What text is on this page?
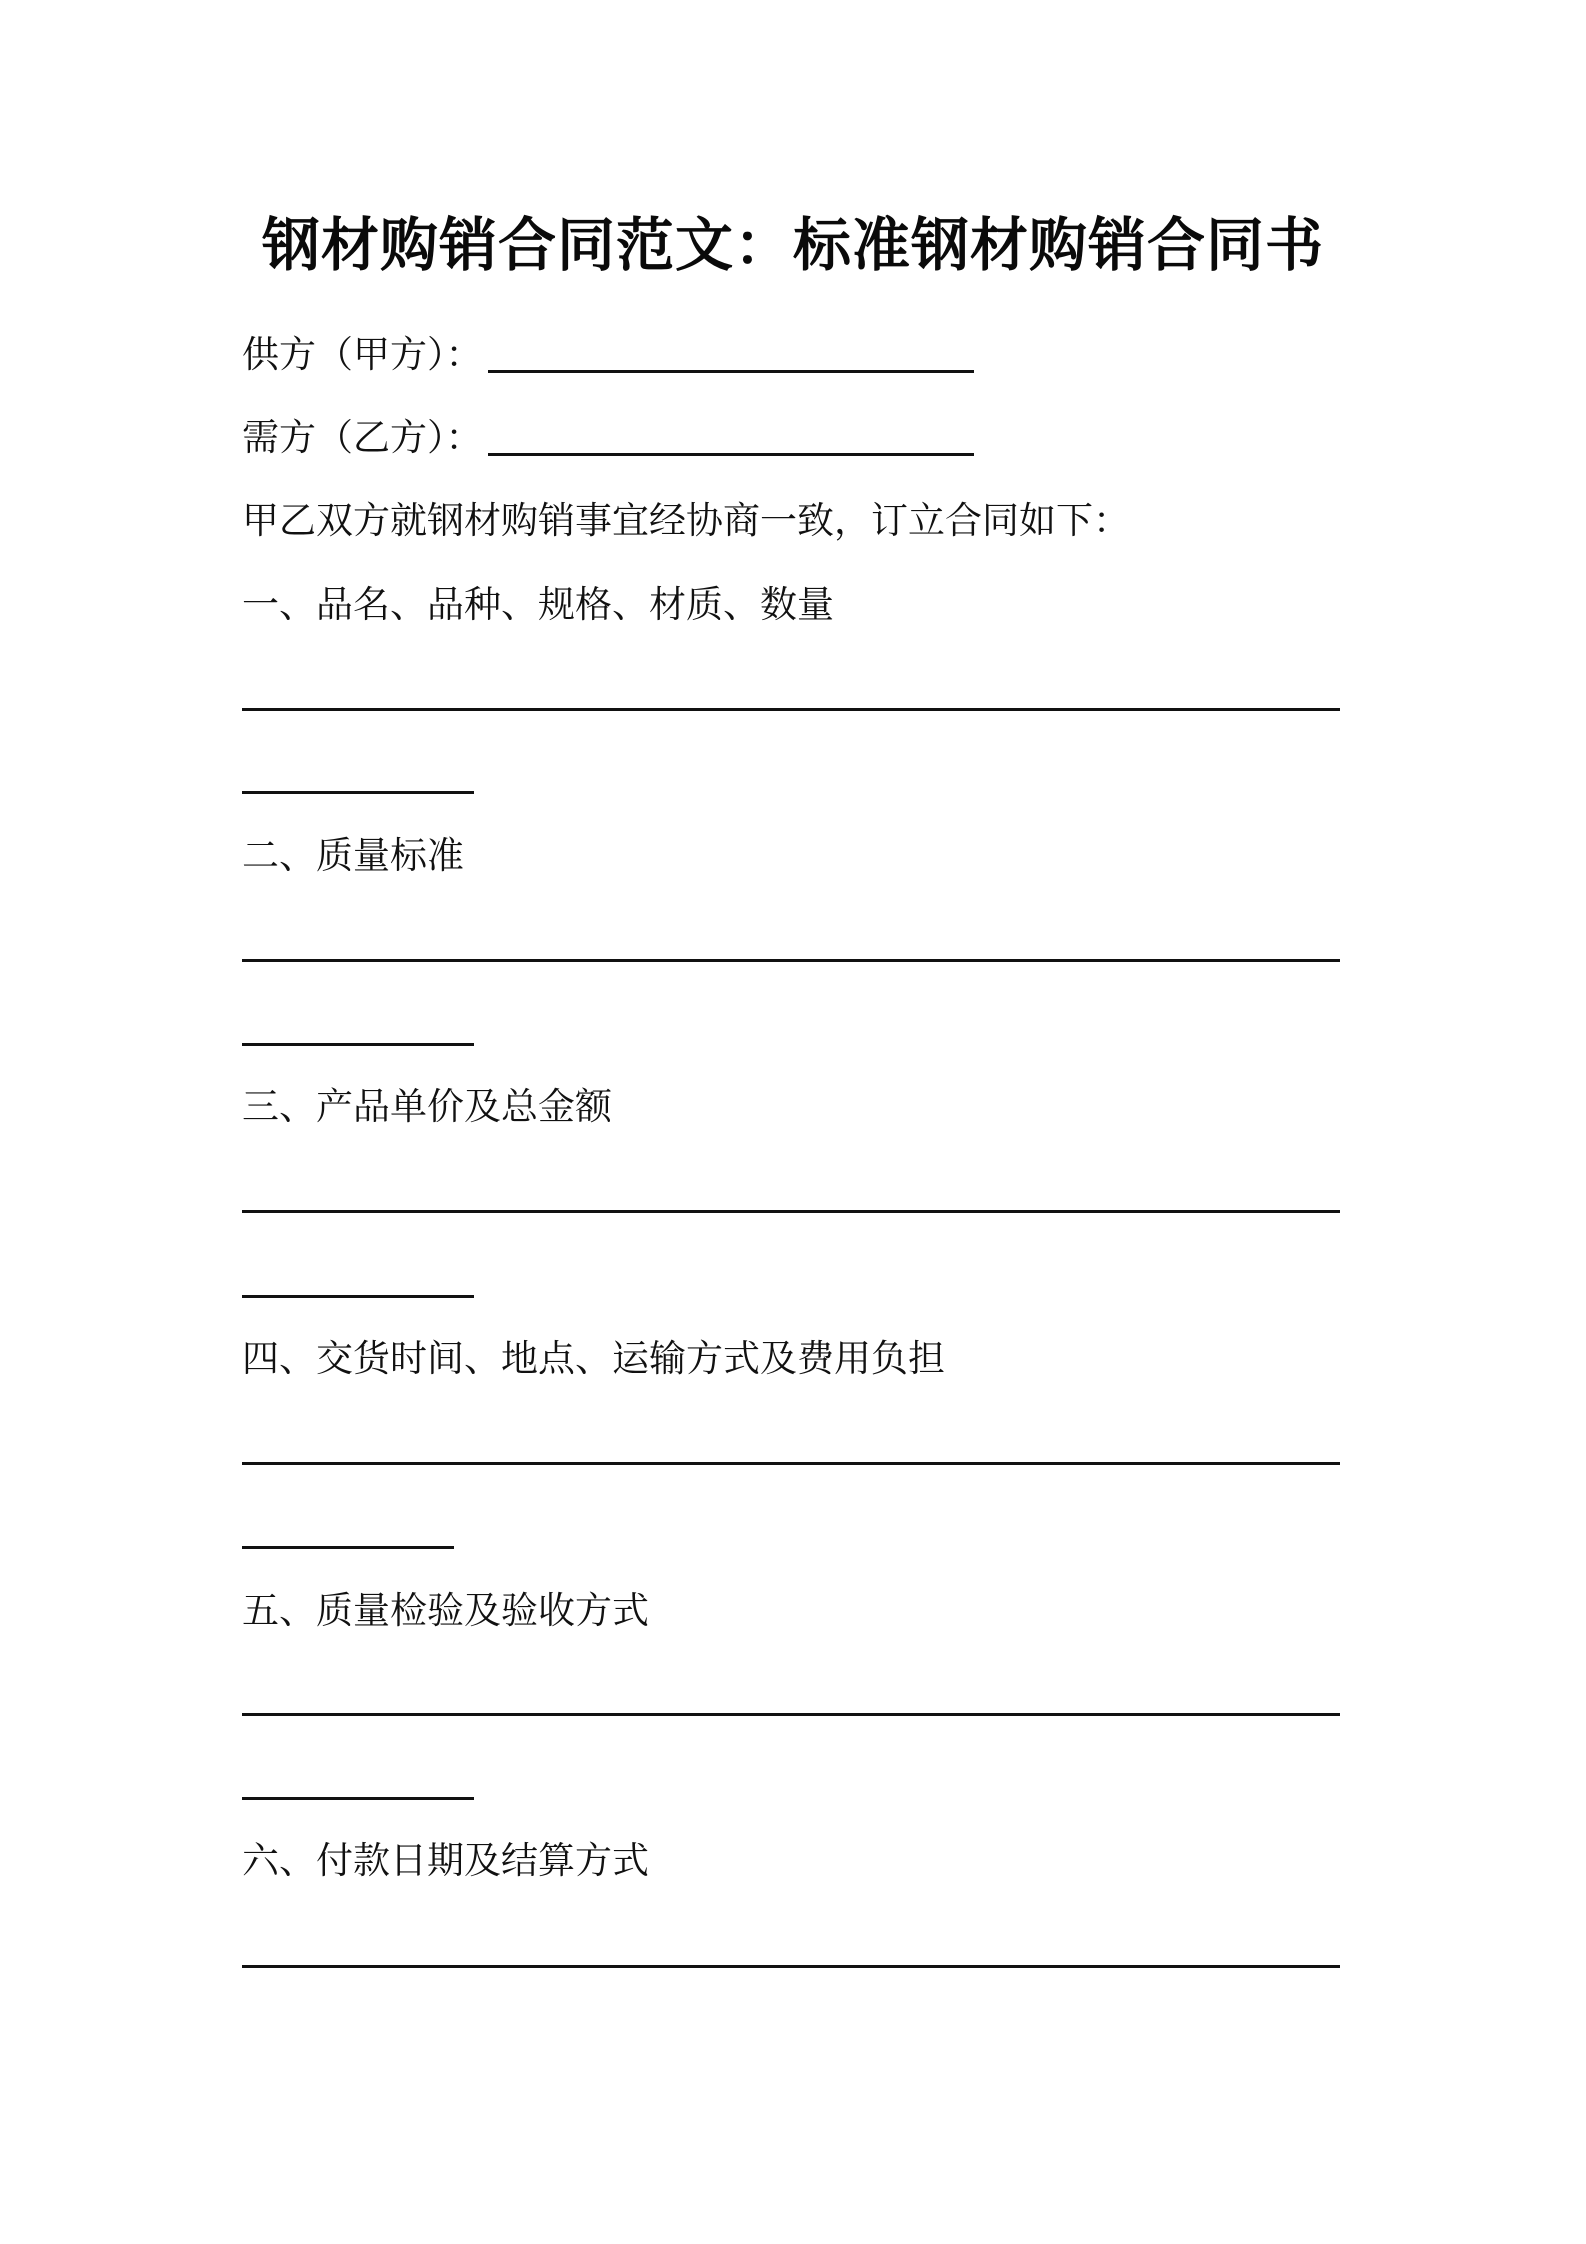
钢材购销合同范文：标准钢材购销合同书
供方（甲方）：
需方（乙方）：
甲乙双方就钢材购销事宜经协商一致，订立合同如下：
一、品名、品种、规格、材质、数量
二、质量标准
三、产品单价及总金额
四、交货时间、地点、运输方式及费用负担
五、质量检验及验收方式
六、付款日期及结算方式
